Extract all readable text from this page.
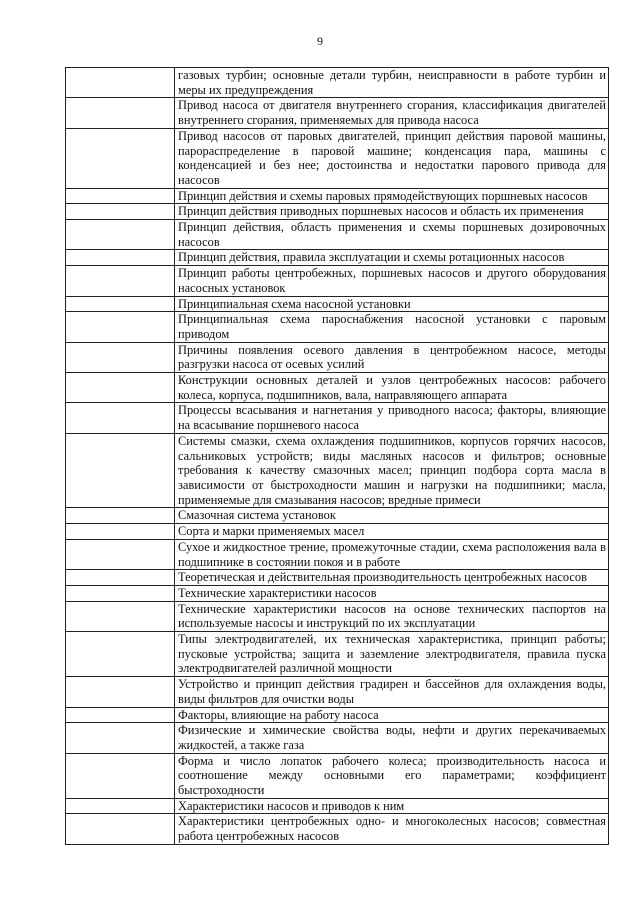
9
	газовых турбин; основные детали турбин, неисправности в работе турбин и меры их предупреждения
	Привод насоса от двигателя внутреннего сгорания, классификация двигателей внутреннего сгорания, применяемых для привода насоса
	Привод насосов от паровых двигателей, принцип действия паровой машины, парораспределение в паровой машине; конденсация пара, машины с конденсацией и без нее; достоинства и недостатки парового привода для насосов
	Принцип действия и схемы паровых прямодействующих поршневых насосов
	Принцип действия приводных поршневых насосов и область их применения
	Принцип действия, область применения и схемы поршневых дозировочных насосов
	Принцип действия, правила эксплуатации и схемы ротационных насосов
	Принцип работы центробежных, поршневых насосов и другого оборудования насосных установок
	Принципиальная схема насосной установки
	Принципиальная схема пароснабжения насосной установки с паровым приводом
	Причины появления осевого давления в центробежном насосе, методы разгрузки насоса от осевых усилий
	Конструкции основных деталей и узлов центробежных насосов: рабочего колеса, корпуса, подшипников, вала, направляющего аппарата
	Процессы всасывания и нагнетания у приводного насоса; факторы, влияющие на всасывание поршневого насоса
	Системы смазки, схема охлаждения подшипников, корпусов горячих насосов, сальниковых устройств; виды масляных насосов и фильтров; основные требования к качеству смазочных масел; принцип подбора сорта масла в зависимости от быстроходности машин и нагрузки на подшипники; масла, применяемые для смазывания насосов; вредные примеси
	Смазочная система установок
	Сорта и марки применяемых масел
	Сухое и жидкостное трение, промежуточные стадии, схема расположения вала в подшипнике в состоянии покоя и в работе
	Теоретическая и действительная производительность центробежных насосов
	Технические характеристики насосов
	Технические характеристики насосов на основе технических паспортов на используемые насосы и инструкций по их эксплуатации
	Типы электродвигателей, их техническая характеристика, принцип работы; пусковые устройства; защита и заземление электродвигателя, правила пуска электродвигателей различной мощности
	Устройство и принцип действия градирен и бассейнов для охлаждения воды, виды фильтров для очистки воды
	Факторы, влияющие на работу насоса
	Физические и химические свойства воды, нефти и других перекачиваемых жидкостей, а также газа
	Форма и число лопаток рабочего колеса; производительность насоса и соотношение между основными его параметрами; коэффициент быстроходности
	Характеристики насосов и приводов к ним
	Характеристики центробежных одно- и многоколесных насосов; совместная работа центробежных насосов
